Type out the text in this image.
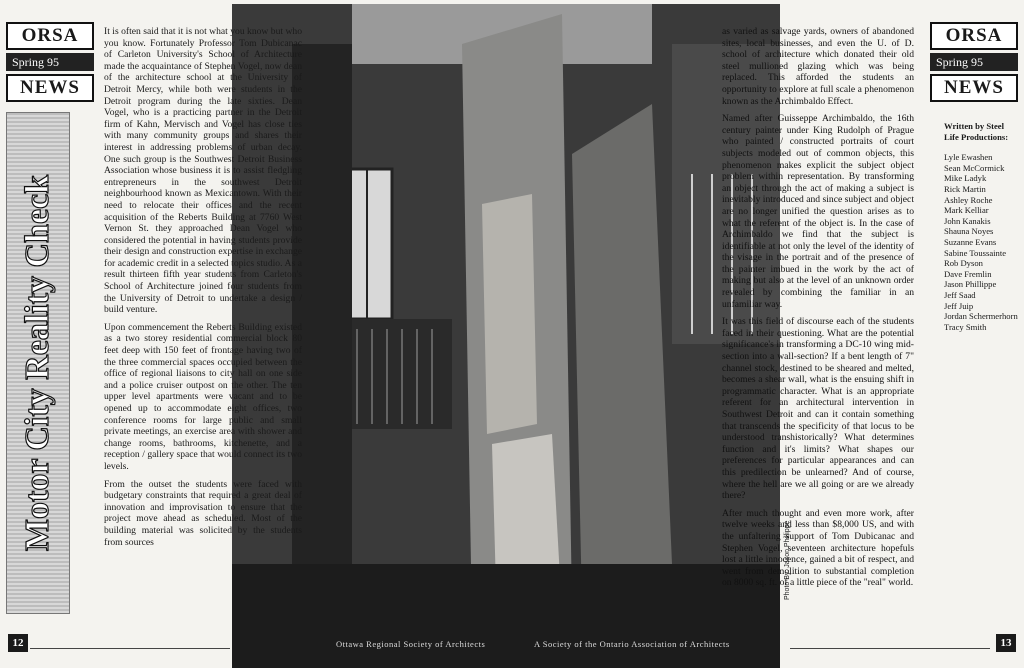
ORSA
Spring 95
NEWS
ORSA
Spring 95
NEWS
Motor City Reality Check

It is often said that it is not what you know but who you know. Fortunately Professor Tom Dubicanac of Carleton University's School of Architecture made the acquaintance of Stephen Vogel, now dean of the architecture school at the University of Detroit Mercy, while both were students in the Detroit program during the late sixties. Dean Vogel, who is a practicing partner in the Detroit firm of Kahn, Mervisch and Vogel has close ties with many community groups and shares their interest in addressing problems of urban decay. One such group is the Southwest Detroit Business Association whose business it is to assist fledgling entrepreneurs in the southwest Detroit neighbourhood known as Mexicantown. With their need to relocate their offices and the recent acquisition of the Reberts Building at 7760 West Vernon St. they approached Dean Vogel who considered the potential in having students provide their design and construction expertise in exchange for academic credit in a selected topics studio. As a result thirteen fifth year students from Carleton's School of Architecture joined four students from the University of Detroit to undertake a design / build venture.

Upon commencement the Reberts Building existed as a two storey residential commercial block 80 feet deep with 150 feet of frontage having two of the three commercial spaces occupied between the office of regional liaisons to city hall on one side and a police cruiser outpost on the other. The ten upper level apartments were vacant and to be opened up to accommodate eight offices, two conference rooms for large public and small private meetings, an exercise area with shower and change rooms, bathrooms, kitchenette, and a reception / gallery space that would connect its two levels.

From the outset the students were faced with budgetary constraints that required a great deal of innovation and improvisation to ensure that the project move ahead as scheduled. Most of the building material was solicited by the students from sources

as varied as salvage yards, owners of abandoned sites, local businesses, and even the U. of D. school of architecture which donated their old steel mullioned glazing which was being replaced. This afforded the students an opportunity to explore at full scale a phenomenon known as the Archimbaldo Effect.

Named after Guisseppe Archimbaldo, the 16th century painter under King Rudolph of Prague who painted / constructed portraits of court subjects modeled out of common objects, this phenomenon makes explicit the subject object problem within representation. By transforming an object through the act of making a subject is inevitably introduced and since subject and object are no longer unified the question arises as to what the referent of the object is. In the case of Archimbaldo we find that the subject is identifiable at not only the level of the identity of the visage in the portrait and of the presence of the painter imbued in the work by the act of making but also at the level of an unknown order revealed by combining the familiar in an unfamiliar way.

It was this field of discourse each of the students faced in their questioning. What are the potential significance's in transforming a DC-10 wing mid-section into a wall-section? If a bent length of 7" channel stock, destined to be sheared and melted, becomes a shear wall, what is the ensuing shift in programmatic character. What is an appropriate referent for an architectural intervention in Southwest Detroit and can it contain something that transcends the specificity of that locus to be understood transhistorically? What determines function and it's limits? What shapes our preferences for particular appearances and can this predilection be unlearned? And of course, where the hell are we all going or are we already there?

After much thought and even more work, after twelve weeks and less than $8,000 US, and with the unfaltering support of Tom Dubicanac and Stephen Vogel, seventeen architecture hopefuls lost a little innocence, gained a bit of respect, and went from demolition to substantial completion on 8000 sq. ft. of a little piece of the "real" world.

Written by Steel Life Productions:
Lyle Ewashen
Sean McCormick
Mike Ladyk
Rick Martin
Ashley Roche
Mark Kelliar
John Kanakis
Shauna Noyes
Suzanne Evans
Sabine Toussainte
Rob Dyson
Dave Fremlin
Jason Phillippe
Jeff Saad
Jeff Juip
Jordan Schermerhorn
Tracy Smith
Photo By: Jason Phillippe
Ottawa Regional Society of Architects	A Society of the Ontario Association of Architects
12	13
